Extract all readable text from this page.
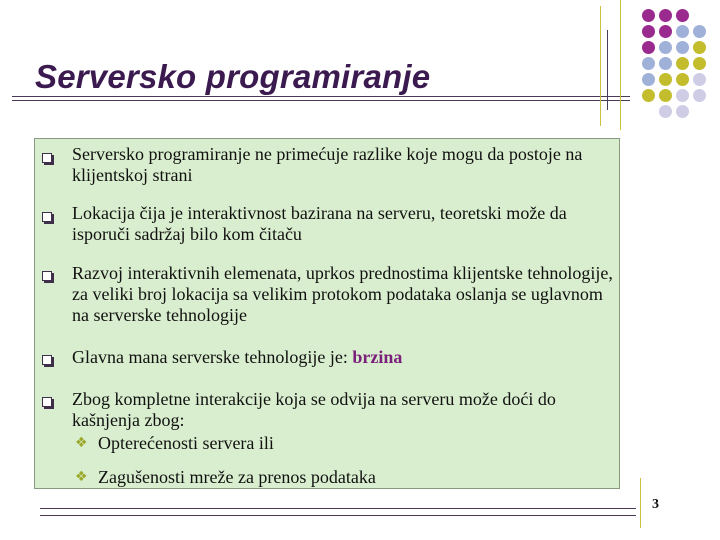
Serversko programiranje
Serversko programiranje ne primećuje razlike koje mogu da postoje na klijentskoj strani
Lokacija čija je interaktivnost bazirana na serveru, teoretski može da isporuči sadržaj bilo kom čitaču
Razvoj interaktivnih elemenata, uprkos prednostima klijentske tehnologije, za veliki broj lokacija sa velikim protokom podataka oslanja se uglavnom na serverske tehnologije
Glavna mana serverske tehnologije je: brzina
Zbog kompletne interakcije koja se odvija na serveru može doći do kašnjenja zbog:
❖ Opterećenosti servera ili
❖ Zagušenosti mreže za prenos podataka
3
